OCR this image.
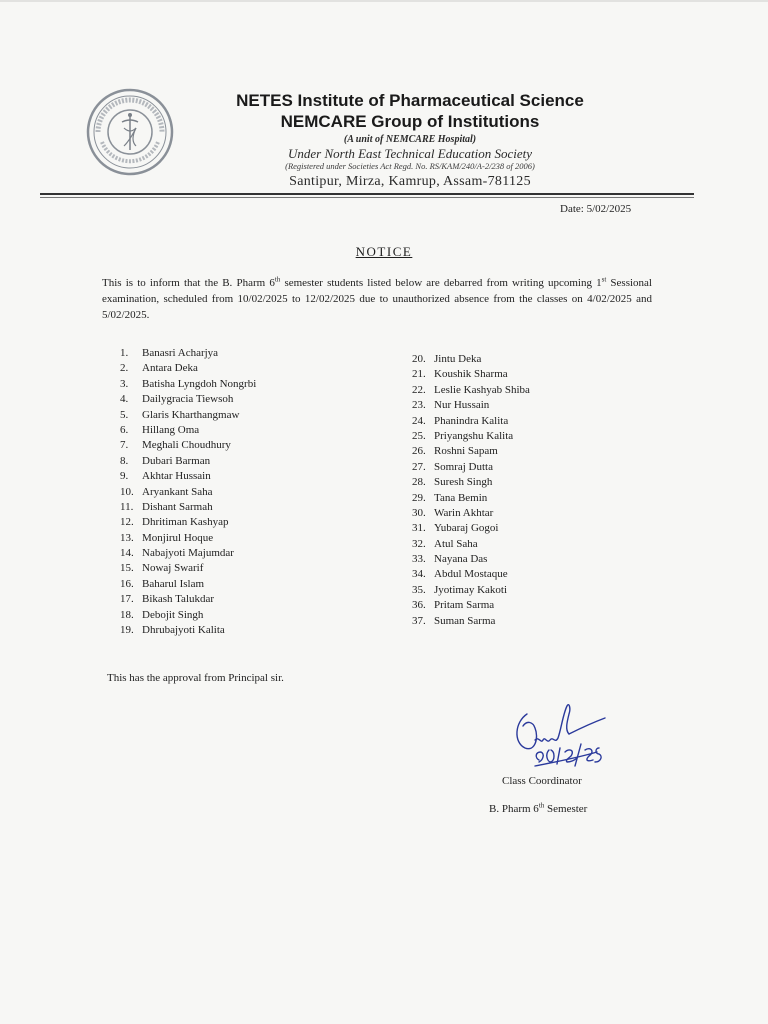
NETES Institute of Pharmaceutical Science

NEMCARE Group of Institutions

(A unit of NEMCARE Hospital)

Under North East Technical Education Society

(Registered under Societies Act Regd. No. RS/KAM/240/A-2/238 of 2006)

Santipur, Mirza, Kamrup, Assam-781125

Date: 5/02/2025
NOTICE

This is to inform that the B. Pharm 6th semester students listed below are debarred from writing upcoming 1st Sessional examination, scheduled from 10/02/2025 to 12/02/2025 due to unauthorized absence from the classes on 4/02/2025 and 5/02/2025.

1. Banasri Acharjya
2. Antara Deka
3. Batisha Lyngdoh Nongrbi
4. Dailygracia Tiewsoh
5. Glaris Kharthangmaw
6. Hillang Oma
7. Meghali Choudhury
8. Dubari Barman
9. Akhtar Hussain
10. Aryankant Saha
11. Dishant Sarmah
12. Dhritiman Kashyap
13. Monjirul Hoque
14. Nabajyoti Majumdar
15. Nowaj Swarif
16. Baharul Islam
17. Bikash Talukdar
18. Debojit Singh
19. Dhrubajyoti Kalita
20. Jintu Deka
21. Koushik Sharma
22. Leslie Kashyab Shiba
23. Nur Hussain
24. Phanindra Kalita
25. Priyangshu Kalita
26. Roshni Sapam
27. Somraj Dutta
28. Suresh Singh
29. Tana Bemin
30. Warin Akhtar
31. Yubaraj Gogoi
32. Atul Saha
33. Nayana Das
34. Abdul Mostaque
35. Jyotimay Kakoti
36. Pritam Sarma
37. Suman Sarma

This has the approval from Principal sir.

Class Coordinator
B. Pharm 6th Semester
